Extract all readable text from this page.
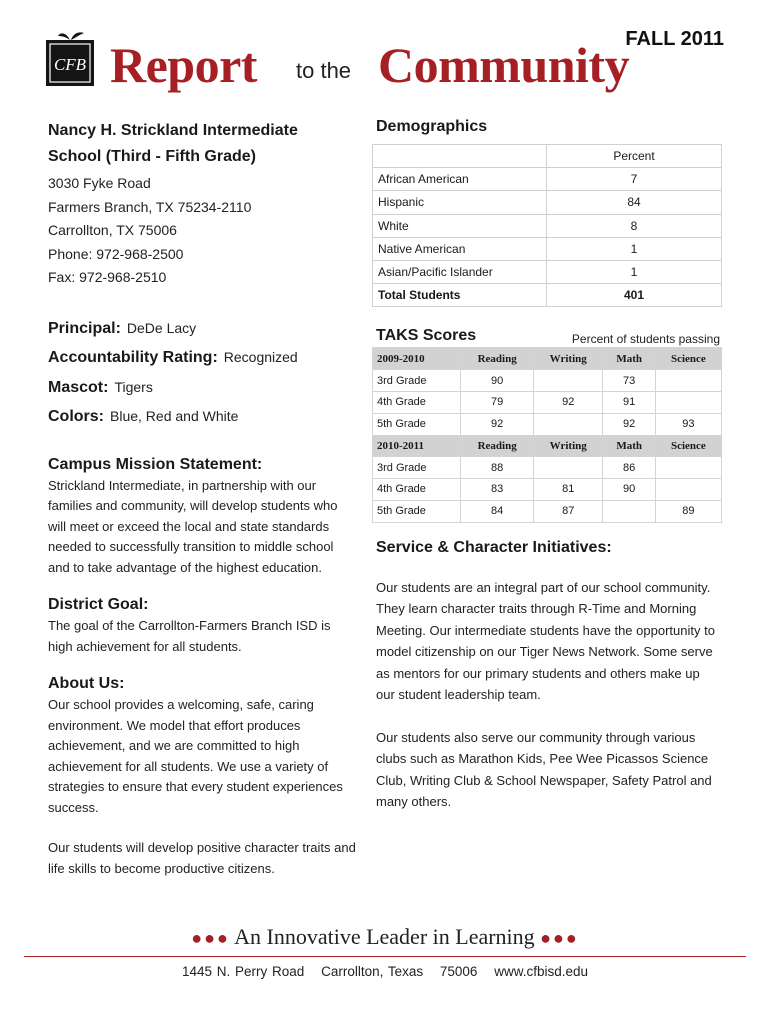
CFB Report to the Community
FALL 2011
Nancy H. Strickland Intermediate
School (Third - Fifth Grade)
3030 Fyke Road
Farmers Branch, TX 75234-2110
Carrollton, TX 75006
Phone: 972-968-2500
Fax: 972-968-2510
Principal: DeDe Lacy
Accountability Rating: Recognized
Mascot: Tigers
Colors: Blue, Red and White
Campus Mission Statement:
Strickland Intermediate, in partnership with our families and community, will develop students who will meet or exceed the local and state standards needed to successfully transition to middle school and to take advantage of the highest education.
District Goal:
The goal of the Carrollton-Farmers Branch ISD is high achievement for all students.
About Us:
Our school provides a welcoming, safe, caring environment. We model that effort produces achievement, and we are committed to high achievement for all students. We use a variety of strategies to ensure that every student experiences success.
Our students will develop positive character traits and life skills to become productive citizens.
Demographics
	Percent
African American	7
Hispanic	84
White	8
Native American	1
Asian/Pacific Islander	1
Total Students	401
TAKS Scores	Percent of students passing
2009-2010	Reading	Writing	Math	Science
3rd Grade	90		73	
4th Grade	79	92	91	
5th Grade	92		92	93
2010-2011	Reading	Writing	Math	Science
3rd Grade	88		86	
4th Grade	83	81	90	
5th Grade	84	87		89
Service & Character Initiatives:
Our students are an integral part of our school community. They learn character traits through R-Time and Morning Meeting. Our intermediate students have the opportunity to model citizenship on our Tiger News Network. Some serve as mentors for our primary students and others make up our student leadership team.
Our students also serve our community through various clubs such as Marathon Kids, Pee Wee Picassos Science Club, Writing Club & School Newspaper, Safety Patrol and many others.
●●● An Innovative Leader in Learning ●●●
1445 N. Perry Road Carrollton, Texas 75006 www.cfbisd.edu
